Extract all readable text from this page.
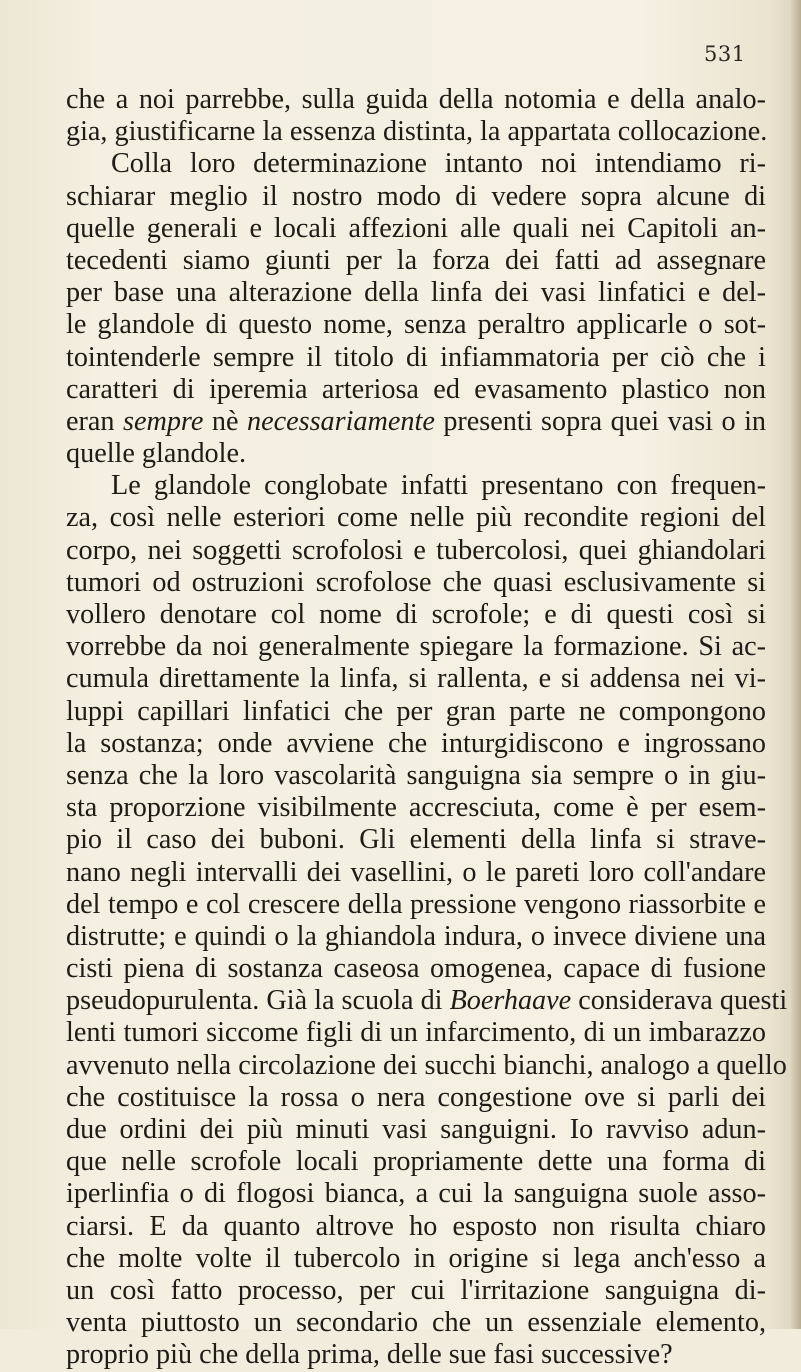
531
che a noi parrebbe, sulla guida della notomia e della analo-
gia, giustificarne la essenza distinta, la appartata collocazione.
Colla loro determinazione intanto noi intendiamo ri-
schiarar meglio il nostro modo di vedere sopra alcune di
quelle generali e locali affezioni alle quali nei Capitoli an-
tecedenti siamo giunti per la forza dei fatti ad assegnare
per base una alterazione della linfa dei vasi linfatici e del-
le glandole di questo nome, senza peraltro applicarle o sot-
tointenderle sempre il titolo di infiammatoria per ciò che i
caratteri di iperemia arteriosa ed evasamento plastico non
eran sempre nè necessariamente presenti sopra quei vasi o in
quelle glandole.
Le glandole conglobate infatti presentano con frequen-
za, così nelle esteriori come nelle più recondite regioni del
corpo, nei soggetti scrofolosi e tubercolosi, quei ghiandolari
tumori od ostruzioni scrofolose che quasi esclusivamente si
vollero denotare col nome di scrofole; e di questi così si
vorrebbe da noi generalmente spiegare la formazione. Si ac-
cumula direttamente la linfa, si rallenta, e si addensa nei vi-
luppi capillari linfatici che per gran parte ne compongono
la sostanza; onde avviene che inturgidiscono e ingrossano
senza che la loro vascolarità sanguigna sia sempre o in giu-
sta proporzione visibilmente accresciuta, come è per esem-
pio il caso dei buboni. Gli elementi della linfa si strave-
nano negli intervalli dei vasellini, o le pareti loro coll'andare
del tempo e col crescere della pressione vengono riassorbite e
distrutte; e quindi o la ghiandola indura, o invece diviene una
cisti piena di sostanza caseosa omogenea, capace di fusione
pseudopurulenta. Già la scuola di Boerhaave considerava questi
lenti tumori siccome figli di un infarcimento, di un imbarazzo
avvenuto nella circolazione dei succhi bianchi, analogo a quello
che costituisce la rossa o nera congestione ove si parli dei
due ordini dei più minuti vasi sanguigni. Io ravviso adun-
que nelle scrofole locali propriamente dette una forma di
iperlinfia o di flogosi bianca, a cui la sanguigna suole asso-
ciarsi. E da quanto altrove ho esposto non risulta chiaro
che molte volte il tubercolo in origine si lega anch'esso a
un così fatto processo, per cui l'irritazione sanguigna di-
venta piuttosto un secondario che un essenziale elemento,
proprio più che della prima, delle sue fasi successive?
